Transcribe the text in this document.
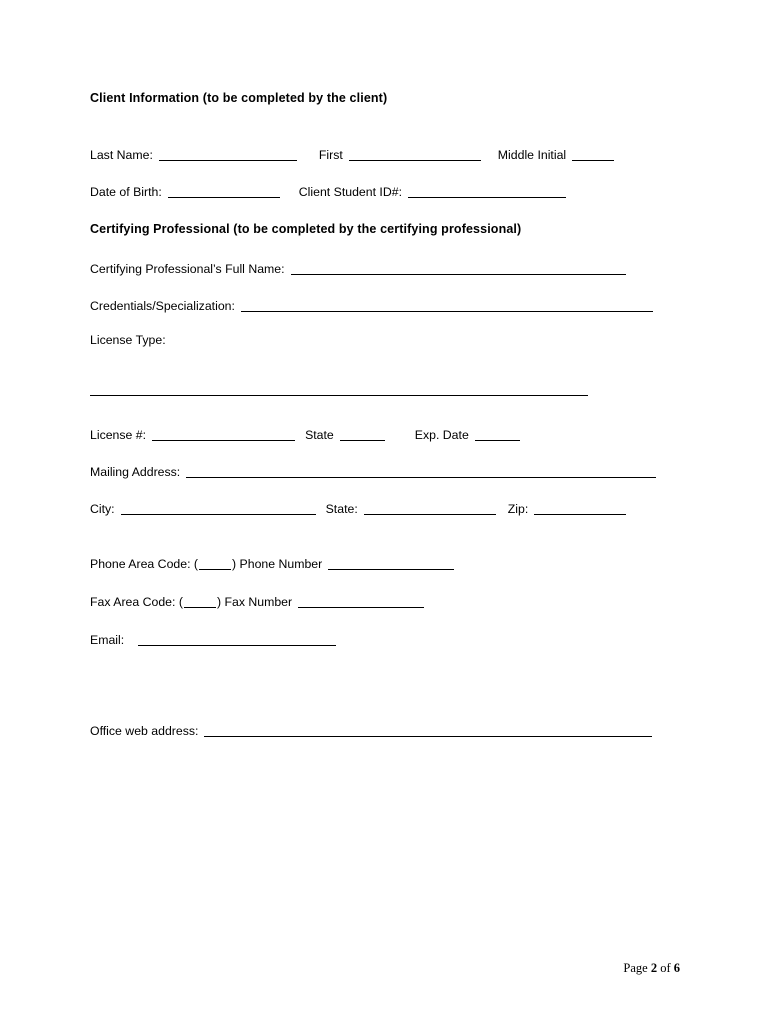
Client Information (to be completed by the client)
Last Name:	First	Middle Initial
Date of Birth:	Client Student ID#:
Certifying Professional (to be completed by the certifying professional)
Certifying Professional’s Full Name:
Credentials/Specialization:
License Type:
License #:	State	Exp. Date
Mailing Address:
City:	State:	Zip:
Phone Area Code: (	) Phone Number
Fax Area Code: (	) Fax Number
Email:
Office web address:
Page 2 of 6
